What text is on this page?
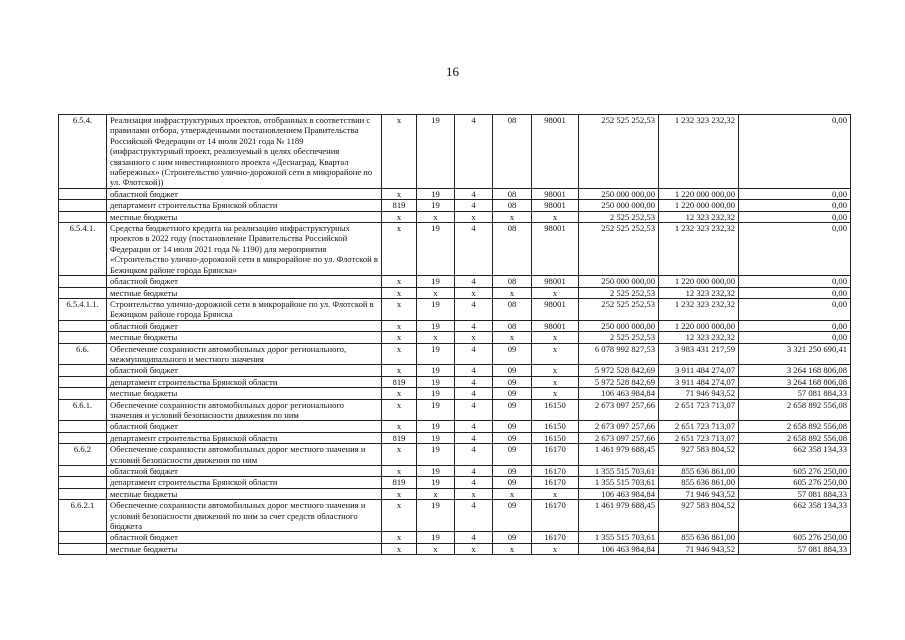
16
6.5.4.	Реализация инфраструктурных проектов, отобранных в соответствии с правилами отбора, утвержденными постановлением Правительства Российской Федерации от 14 июля 2021 года № 1189 (инфраструктурный проект, реализуемый в целях обеспечения связанного с ним инвестиционного проекта «Деснаград, Квартал набережных» (Строительство улично-дорожной сети в микрорайоне по ул. Флотской))	х	19	4	08	98001	252 525 252,53	1 232 323 232,32	0,00
	областной бюджет	х	19	4	08	98001	250 000 000,00	1 220 000 000,00	0,00
	департамент строительства Брянской области	819	19	4	08	98001	250 000 000,00	1 220 000 000,00	0,00
	местные бюджеты	х	х	х	х	х	2 525 252,53	12 323 232,32	0,00
6.5.4.1.	Средства бюджетного кредита на реализацию инфраструктурных проектов в 2022 году (постановление Правительства Российской Федерации от 14 июля 2021 года № 1190) для мероприятия «Строительство улично-дорожной сети в микрорайоне по ул. Флотской в Бежицком районе города Брянска»	х	19	4	08	98001	252 525 252,53	1 232 323 232,32	0,00
	областной бюджет	х	19	4	08	98001	250 000 000,00	1 220 000 000,00	0,00
	местные бюджеты	х	х	х	х	х	2 525 252,53	12 323 232,32	0,00
6.5.4.1.1.	Строительство улично-дорожной сети в микрорайоне по ул. Флотской в Бежицком районе города Брянска	х	19	4	08	98001	252 525 252,53	1 232 323 232,32	0,00
	областной бюджет	х	19	4	08	98001	250 000 000,00	1 220 000 000,00	0,00
	местные бюджеты	х	х	х	х	х	2 525 252,53	12 323 232,32	0,00
6.6.	Обеспечение сохранности автомобильных дорог регионального, межмуниципального и местного значения	х	19	4	09	х	6 078 992 827,53	3 983 431 217,59	3 321 250 690,41
	областной бюджет	х	19	4	09	х	5 972 528 842,69	3 911 484 274,07	3 264 168 806,08
	департамент строительства Брянской области	819	19	4	09	х	5 972 528 842,69	3 911 484 274,07	3 264 168 806,08
	местные бюджеты	х	19	4	09	х	106 463 984,84	71 946 943,52	57 081 884,33
6.6.1.	Обеспечение сохранности автомобильных дорог регионального значения и условий безопасности движения по ним	х	19	4	09	16150	2 673 097 257,66	2 651 723 713,07	2 658 892 556,08
	областной бюджет	х	19	4	09	16150	2 673 097 257,66	2 651 723 713,07	2 658 892 556,08
	департамент строительства Брянской области	819	19	4	09	16150	2 673 097 257,66	2 651 723 713,07	2 658 892 556,08
6.6.2	Обеспечение сохранности автомобильных дорог местного значения и условий безопасности движения по ним	х	19	4	09	16170	1 461 979 688,45	927 583 804,52	662 358 134,33
	областной бюджет	х	19	4	09	16170	1 355 515 703,61	855 636 861,00	605 276 250,00
	департамент строительства Брянской области	819	19	4	09	16170	1 355 515 703,61	855 636 861,00	605 276 250,00
	местные бюджеты	х	х	х	х	х	106 463 984,84	71 946 943,52	57 081 884,33
6.6.2.1	Обеспечение сохранности автомобильных дорог местного значения и условий безопасности движений по ним за счет средств областного бюджета	х	19	4	09	16170	1 461 979 688,45	927 583 804,52	662 358 134,33
	областной бюджет	х	19	4	09	16170	1 355 515 703,61	855 636 861,00	605 276 250,00
	местные бюджеты	х	х	х	х	х	106 463 984,84	71 946 943,52	57 081 884,33
